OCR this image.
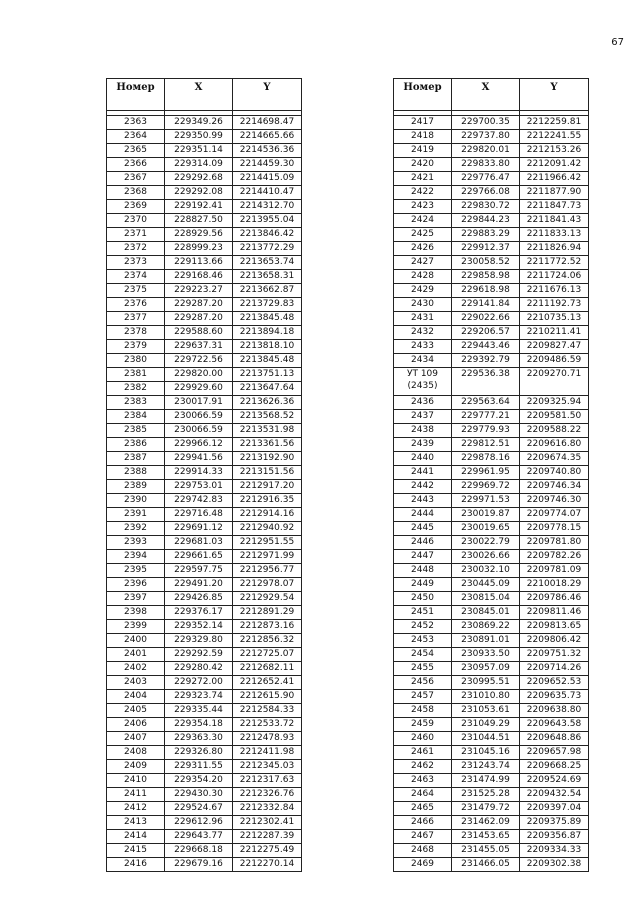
67
Номер	X	Y

2363	229349.26	2214698.47
2364	229350.99	2214665.66
2365	229351.14	2214536.36
2366	229314.09	2214459.30
2367	229292.68	2214415.09
2368	229292.08	2214410.47
2369	229192.41	2214312.70
2370	228827.50	2213955.04
2371	228929.56	2213846.42
2372	228999.23	2213772.29
2373	229113.66	2213653.74
2374	229168.46	2213658.31
2375	229223.27	2213662.87
2376	229287.20	2213729.83
2377	229287.20	2213845.48
2378	229588.60	2213894.18
2379	229637.31	2213818.10
2380	229722.56	2213845.48
2381	229820.00	2213751.13
2382	229929.60	2213647.64
2383	230017.91	2213626.36
2384	230066.59	2213568.52
2385	230066.59	2213531.98
2386	229966.12	2213361.56
2387	229941.56	2213192.90
2388	229914.33	2213151.56
2389	229753.01	2212917.20
2390	229742.83	2212916.35
2391	229716.48	2212914.16
2392	229691.12	2212940.92
2393	229681.03	2212951.55
2394	229661.65	2212971.99
2395	229597.75	2212956.77
2396	229491.20	2212978.07
2397	229426.85	2212929.54
2398	229376.17	2212891.29
2399	229352.14	2212873.16
2400	229329.80	2212856.32
2401	229292.59	2212725.07
2402	229280.42	2212682.11
2403	229272.00	2212652.41
2404	229323.74	2212615.90
2405	229335.44	2212584.33
2406	229354.18	2212533.72
2407	229363.30	2212478.93
2408	229326.80	2212411.98
2409	229311.55	2212345.03
2410	229354.20	2212317.63
2411	229430.30	2212326.76
2412	229524.67	2212332.84
2413	229612.96	2212302.41
2414	229643.77	2212287.39
2415	229668.18	2212275.49
2416	229679.16	2212270.14
Номер	X	Y

2417	229700.35	2212259.81
2418	229737.80	2212241.55
2419	229820.01	2212153.26
2420	229833.80	2212091.42
2421	229776.47	2211966.42
2422	229766.08	2211877.90
2423	229830.72	2211847.73
2424	229844.23	2211841.43
2425	229883.29	2211833.13
2426	229912.37	2211826.94
2427	230058.52	2211772.52
2428	229858.98	2211724.06
2429	229618.98	2211676.13
2430	229141.84	2211192.73
2431	229022.66	2210735.13
2432	229206.57	2210211.41
2433	229443.46	2209827.47
2434	229392.79	2209486.59

УТ 109
(2435)	229536.38	2209270.71
2436	229563.64	2209325.94
2437	229777.21	2209581.50
2438	229779.93	2209588.22
2439	229812.51	2209616.80
2440	229878.16	2209674.35
2441	229961.95	2209740.80
2442	229969.72	2209746.34
2443	229971.53	2209746.30
2444	230019.87	2209774.07
2445	230019.65	2209778.15
2446	230022.79	2209781.80
2447	230026.66	2209782.26
2448	230032.10	2209781.09
2449	230445.09	2210018.29
2450	230815.04	2209786.46
2451	230845.01	2209811.46
2452	230869.22	2209813.65
2453	230891.01	2209806.42
2454	230933.50	2209751.32
2455	230957.09	2209714.26
2456	230995.51	2209652.53
2457	231010.80	2209635.73
2458	231053.61	2209638.80
2459	231049.29	2209643.58
2460	231044.51	2209648.86
2461	231045.16	2209657.98
2462	231243.74	2209668.25
2463	231474.99	2209524.69
2464	231525.28	2209432.54
2465	231479.72	2209397.04
2466	231462.09	2209375.89
2467	231453.65	2209356.87
2468	231455.05	2209334.33
2469	231466.05	2209302.38
